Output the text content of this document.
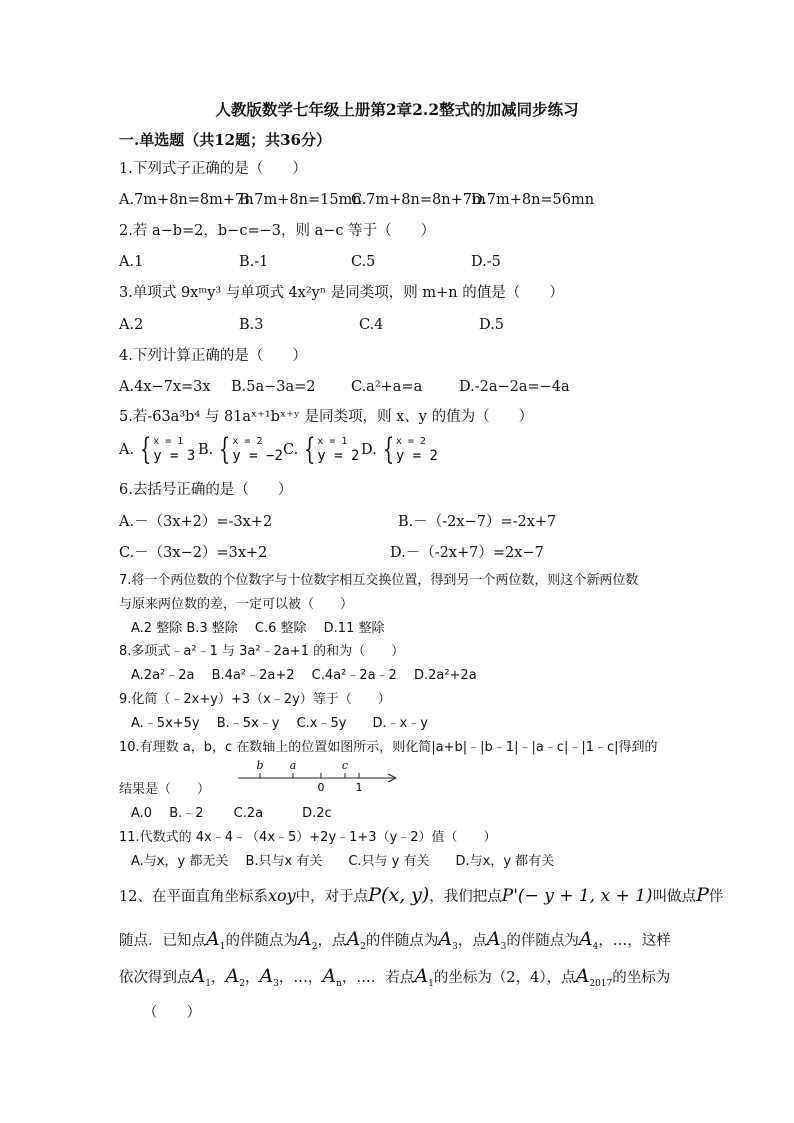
人教版数学七年级上册第2章2.2整式的加减同步练习
一.单选题（共12题；共36分）
1.下列式子正确的是（　　）
A.7m+8n=8m+7n
B.7m+8n=15mn
C.7m+8n=8n+7m
D.7m+8n=56mn
2.若 a−b=2，b−c=−3，则 a−c 等于（　　）
A.1	B.-1	C.5	D.-5
3.单项式 9xᵐy³ 与单项式 4x²yⁿ 是同类项，则 m+n 的值是（　　）
A.2	B.3	C.4	D.5
4.下列计算正确的是（　　）
A.4x−7x=3x B.5a−3a=2 C.a²+a=a	D.-2a−2a=−4a
5.若-63a³b⁴ 与 81aˣ⁺¹bˣ⁺ʸ 是同类项，则 x、y 的值为（　　）
A. { x = 1
y = 3 B. { x = 2
y = −2 C. { x = 1
y = 2 D. { x = 2
y = 2
6.去括号正确的是（　　）
A.－（3x+2）=-3x+2	B.－（-2x−7）=-2x+7
C.－（3x−2）=3x+2	D.－（-2x+7）=2x−7
7.将一个两位数的个位数字与十位数字相互交换位置，得到另一个两位数，则这个新两位数
与原来两位数的差，一定可以被（　　）
A.2 整除 B.3 整除　 C.6 整除　 D.11 整除
8.多项式﹣a²﹣1 与 3a²﹣2a+1 的和为（　　）
A.2a²﹣2a　 B.4a²﹣2a+2　 C.4a²﹣2a﹣2　 D.2a²+2a
9.化简（﹣2x+y）+3（x﹣2y）等于（　　）
A.﹣5x+5y　 B.﹣5x﹣y　 C.x﹣5y　　D.﹣x﹣y
10.有理数 a，b，c 在数轴上的位置如图所示，则化简|a+b|﹣|b﹣1|﹣|a﹣c|﹣|1﹣c|得到的
结果是（　　）
b a	c
0	1
A.0　 B.﹣2　　 C.2a　　　D.2c
11.代数式的 4x﹣4﹣（4x﹣5）+2y﹣1+3（y﹣2）值（　　）
A.与x，y 都无关　 B.只与x 有关　　C.只与 y 有关　　D.与x，y 都有关
12、在平面直角坐标系xoy中，对于点P(x, y)，我们把点P'(− y + 1, x + 1)叫做点P伴
随点．已知点$A_1$的伴随点为$A_2$，点$A_2$的伴随点为$A_3$，点$A_3$的伴随点为$A_4$，…，这样
依次得到点$A_1$，$A_2$，$A_3$，…，$A_n$，…．若点$A_1$的坐标为（2，4），点$A_{2017}$的坐标为
（　　）
